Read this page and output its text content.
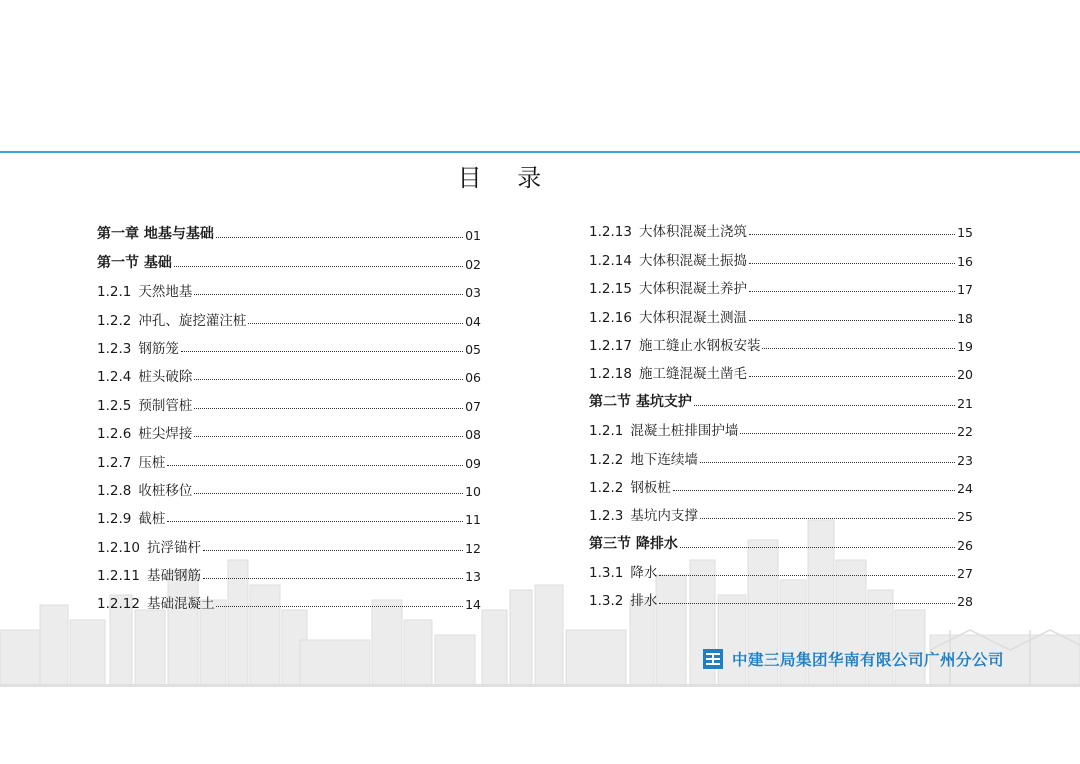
目 录
第一章 地基与基础	01
第一节 基础	02
1.2.1 天然地基	03
1.2.2 冲孔、旋挖灌注桩	04
1.2.3 钢筋笼	05
1.2.4 桩头破除	06
1.2.5 预制管桩	07
1.2.6 桩尖焊接	08
1.2.7 压桩	09
1.2.8 收桩移位	10
1.2.9 截桩	11
1.2.10 抗浮锚杆	12
1.2.11 基础钢筋	13
1.2.12 基础混凝土	14
1.2.13 大体积混凝土浇筑	15
1.2.14 大体积混凝土振捣	16
1.2.15 大体积混凝土养护	17
1.2.16 大体积混凝土测温	18
1.2.17 施工缝止水钢板安装	19
1.2.18 施工缝混凝土凿毛	20
第二节 基坑支护	21
1.2.1 混凝土桩排围护墙	22
1.2.2 地下连续墙	23
1.2.2 钢板桩	24
1.2.3 基坑内支撑	25
第三节 降排水	26
1.3.1 降水	27
1.3.2 排水	28
中建三局集团华南有限公司广州分公司
